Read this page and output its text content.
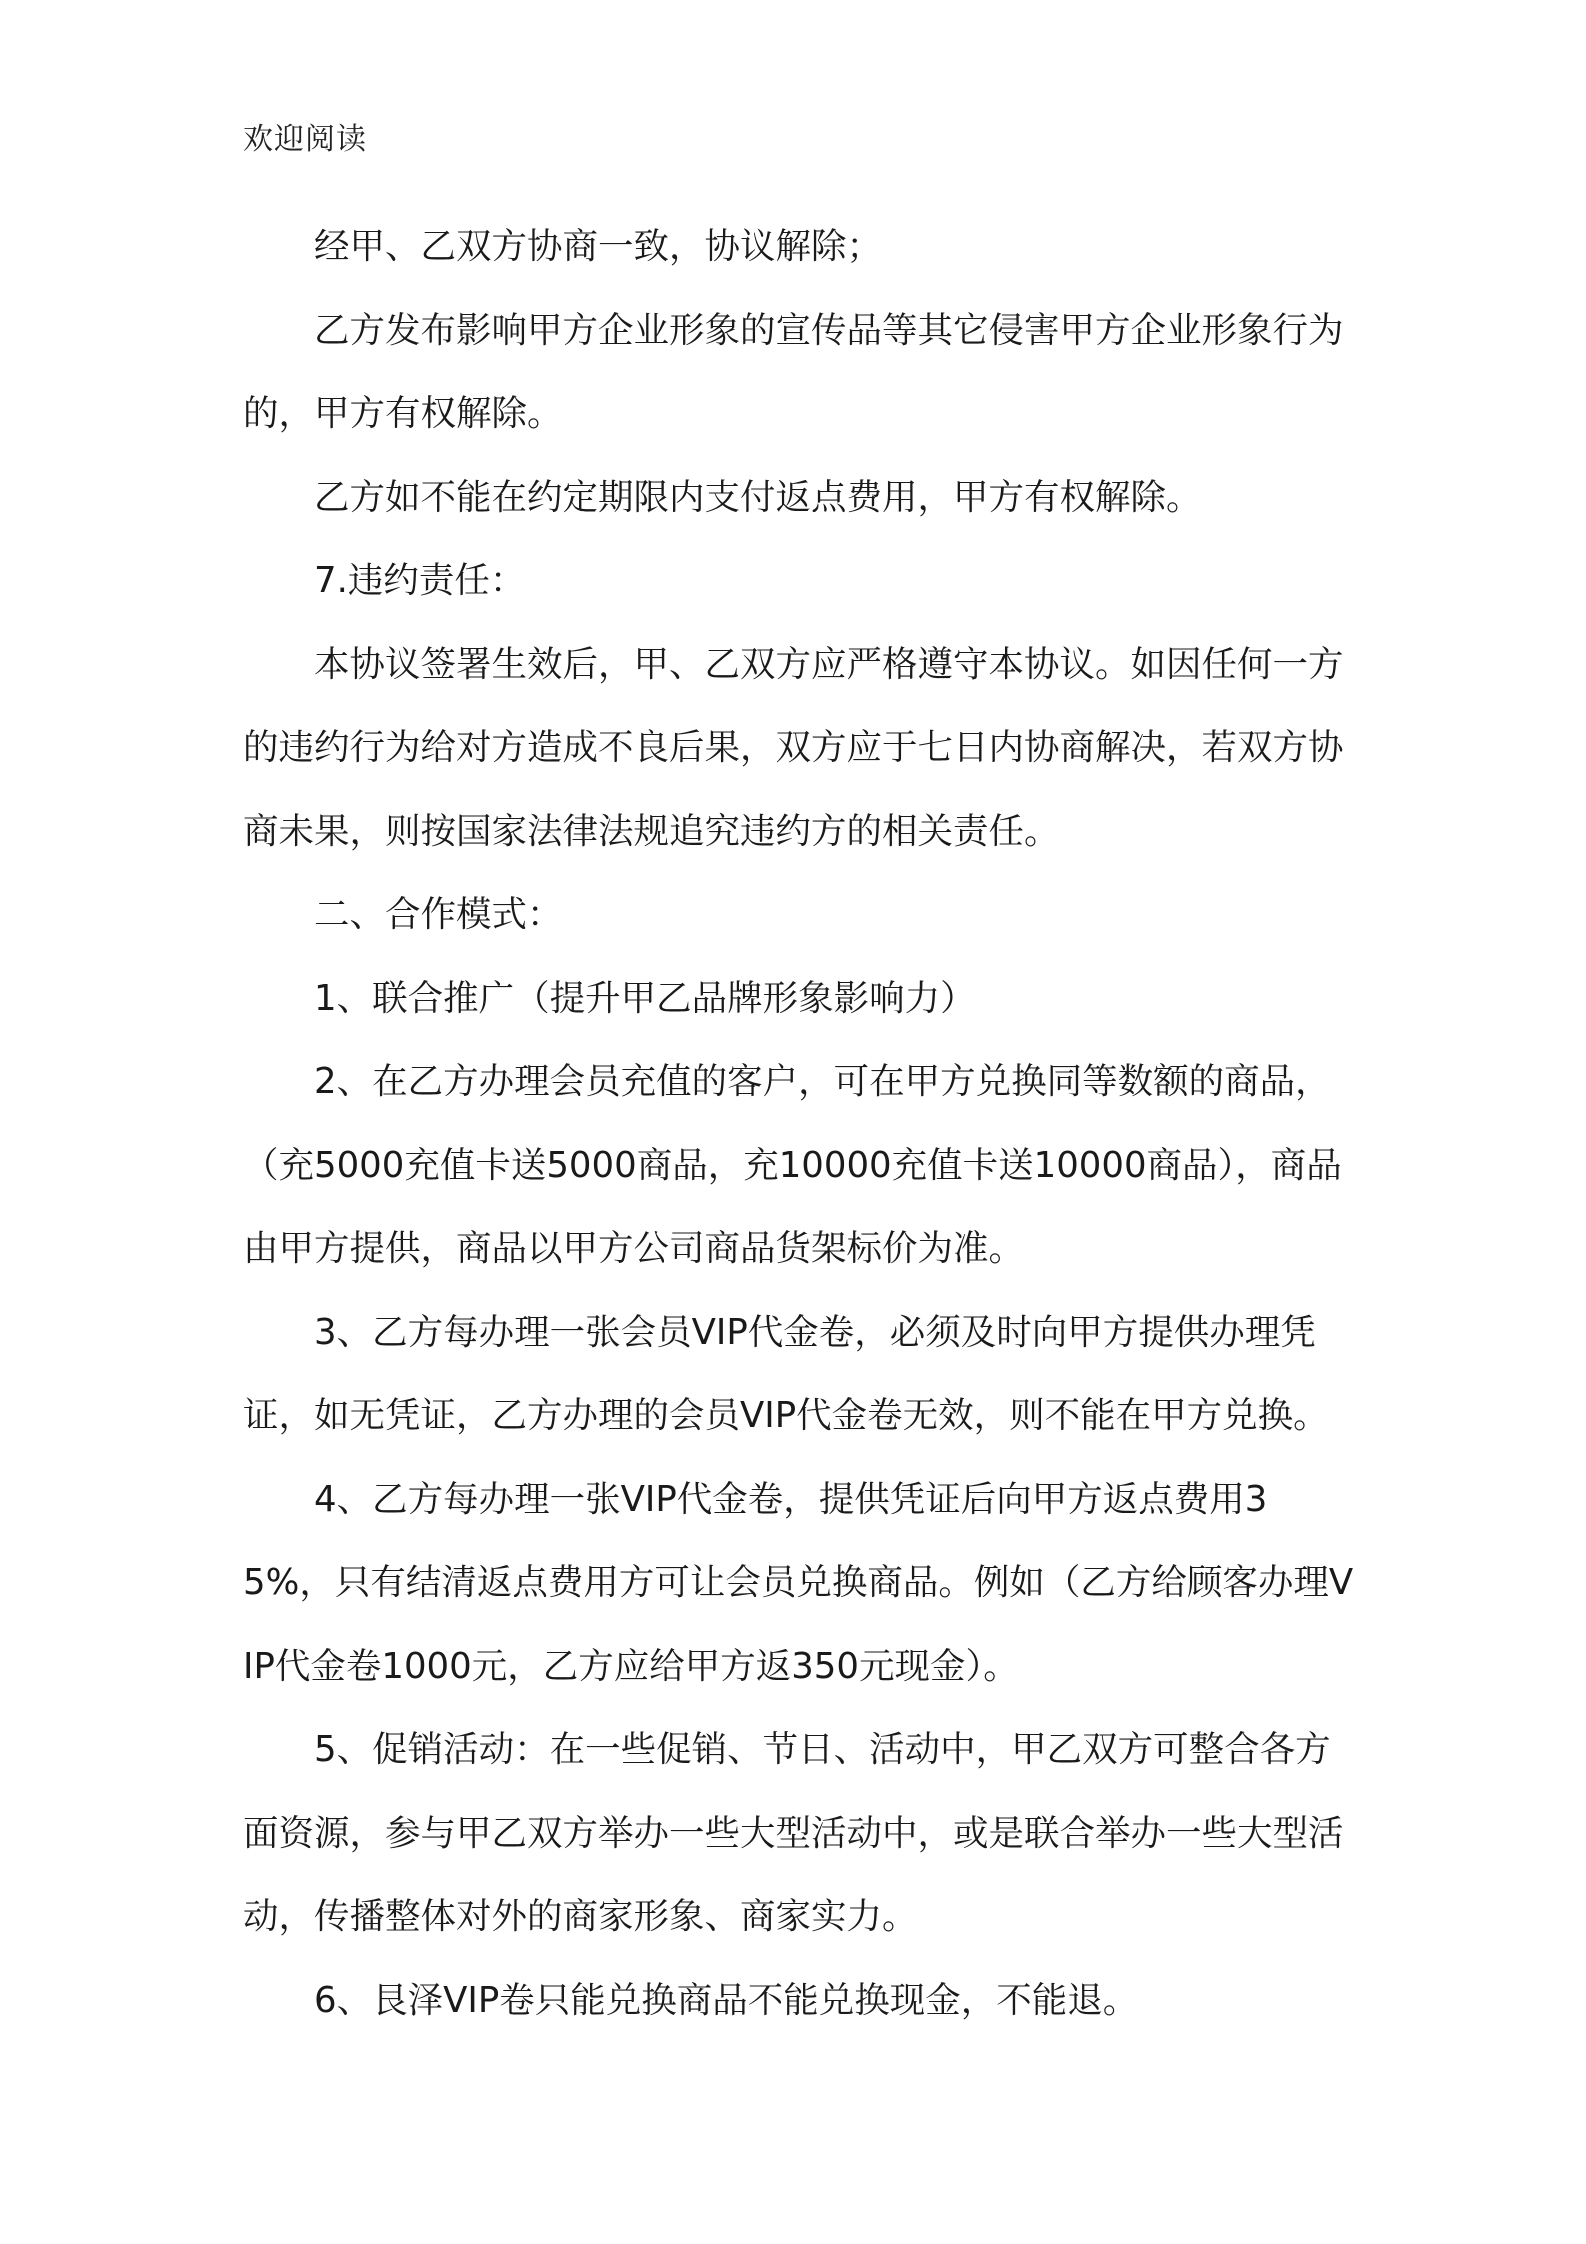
欢迎阅读

经甲、乙双方协商一致，协议解除；

乙方发布影响甲方企业形象的宣传品等其它侵害甲方企业形象行为的，甲方有权解除。

乙方如不能在约定期限内支付返点费用，甲方有权解除。

7.违约责任：

本协议签署生效后，甲、乙双方应严格遵守本协议。如因任何一方的违约行为给对方造成不良后果，双方应于七日内协商解决，若双方协商未果，则按国家法律法规追究违约方的相关责任。

二、合作模式：

1、联合推广（提升甲乙品牌形象影响力）

2、在乙方办理会员充值的客户，可在甲方兑换同等数额的商品，（充5000充值卡送5000商品，充10000充值卡送10000商品），商品由甲方提供，商品以甲方公司商品货架标价为准。

3、乙方每办理一张会员VIP代金卷，必须及时向甲方提供办理凭证，如无凭证，乙方办理的会员VIP代金卷无效，则不能在甲方兑换。

4、乙方每办理一张VIP代金卷，提供凭证后向甲方返点费用35%，只有结清返点费用方可让会员兑换商品。例如（乙方给顾客办理VIP代金卷1000元，乙方应给甲方返350元现金）。

5、促销活动：在一些促销、节日、活动中，甲乙双方可整合各方面资源，参与甲乙双方举办一些大型活动中，或是联合举办一些大型活动，传播整体对外的商家形象、商家实力。

6、艮泽VIP卷只能兑换商品不能兑换现金，不能退。
